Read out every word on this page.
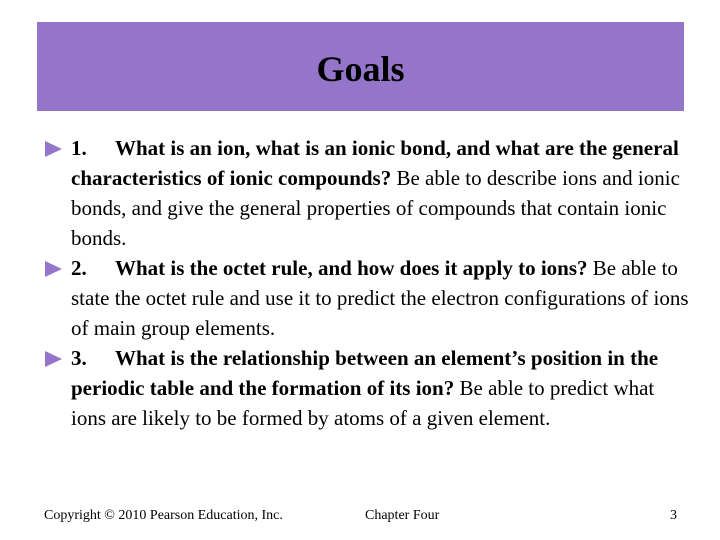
Goals

1. What is an ion, what is an ionic bond, and what are the general characteristics of ionic compounds? Be able to describe ions and ionic bonds, and give the general properties of compounds that contain ionic bonds.

2. What is the octet rule, and how does it apply to ions? Be able to state the octet rule and use it to predict the electron configurations of ions of main group elements.

3. What is the relationship between an element’s position in the periodic table and the formation of its ion? Be able to predict what ions are likely to be formed by atoms of a given element.

Copyright © 2010 Pearson Education, Inc.	Chapter Four	3
